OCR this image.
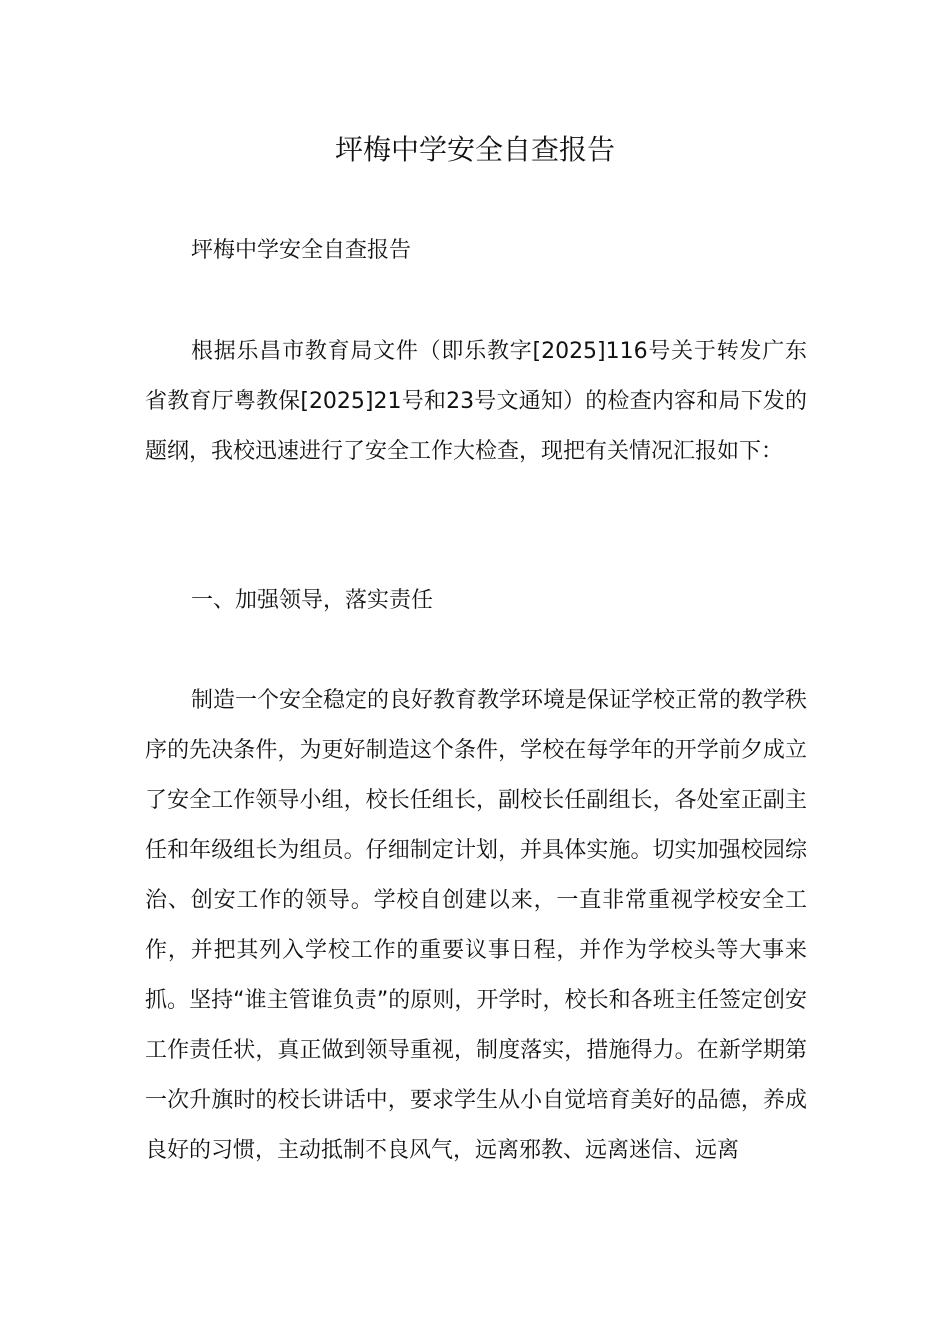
坪梅中学安全自查报告

坪梅中学安全自查报告

根据乐昌市教育局文件（即乐教字[2025]116号关于转发广东省教育厅粤教保[2025]21号和23号文通知）的检查内容和局下发的题纲，我校迅速进行了安全工作大检查，现把有关情况汇报如下：

一、加强领导，落实责任

制造一个安全稳定的良好教育教学环境是保证学校正常的教学秩序的先决条件，为更好制造这个条件，学校在每学年的开学前夕成立了安全工作领导小组，校长任组长，副校长任副组长，各处室正副主任和年级组长为组员。仔细制定计划，并具体实施。切实加强校园综治、创安工作的领导。学校自创建以来，一直非常重视学校安全工作，并把其列入学校工作的重要议事日程，并作为学校头等大事来抓。坚持“谁主管谁负责”的原则，开学时，校长和各班主任签定创安工作责任状，真正做到领导重视，制度落实，措施得力。在新学期第一次升旗时的校长讲话中，要求学生从小自觉培育美好的品德，养成良好的习惯，主动抵制不良风气，远离邪教、远离迷信、远离
